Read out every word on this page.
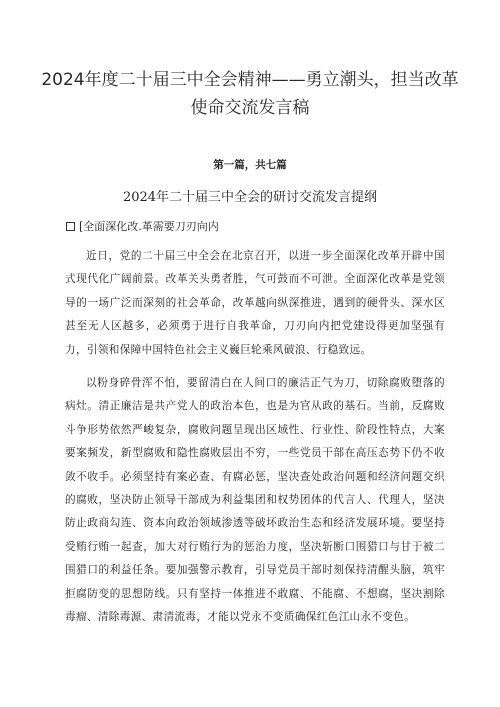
2024年度二十届三中全会精神——勇立潮头，担当改革使命交流发言稿
第一篇，共七篇
2024年二十届三中全会的研讨交流发言提纲
[全面深化改.革需要刀刃向内
近日，党的二十届三中全会在北京召开，以进一步全面深化改革开辟中国式现代化广阔前景。改革关头勇者胜，气可鼓而不可泄。全面深化改革是党领导的一场广泛而深刻的社会革命，改革越向纵深推进，遇到的硬骨头、深水区甚至无人区越多，必须勇于进行自我革命，刀刃向内把党建设得更加坚强有力，引领和保障中国特色社会主义巍巨轮乘风破浪、行稳致远。
以粉身碎骨浑不怕，要留清白在人间口的廉洁正气为刀，切除腐败堕落的病灶。清正廉洁是共产党人的政治本色，也是为官从政的基石。当前，反腐败斗争形势依然严峻复杂，腐败问题呈现出区域性、行业性、阶段性特点，大案要案频发，新型腐败和隐性腐败层出不穷，一些党员干部在高压态势下仍不收敛不收手。必须坚持有案必查、有腐必惩，坚决查处政治问题和经济问题交织的腐败，坚决防止领导干部成为利益集团和权势团体的代言人、代理人，坚决防止政商勾连、资本向政治领域渗透等破坏政治生态和经济发展环境。要坚持受贿行贿一起查，加大对行贿行为的惩治力度，坚决斩断口围猎口与甘于被二围猎口的利益任条。要加强警示教育，引导党员干部时刻保持清醒头脑，筑牢拒腐防变的思想防线。只有坚持一体推进不敢腐、不能腐、不想腐，坚决割除毒瘤、清除毒源、肃清流毒，才能以党永不变质确保红色江山永不变色。
